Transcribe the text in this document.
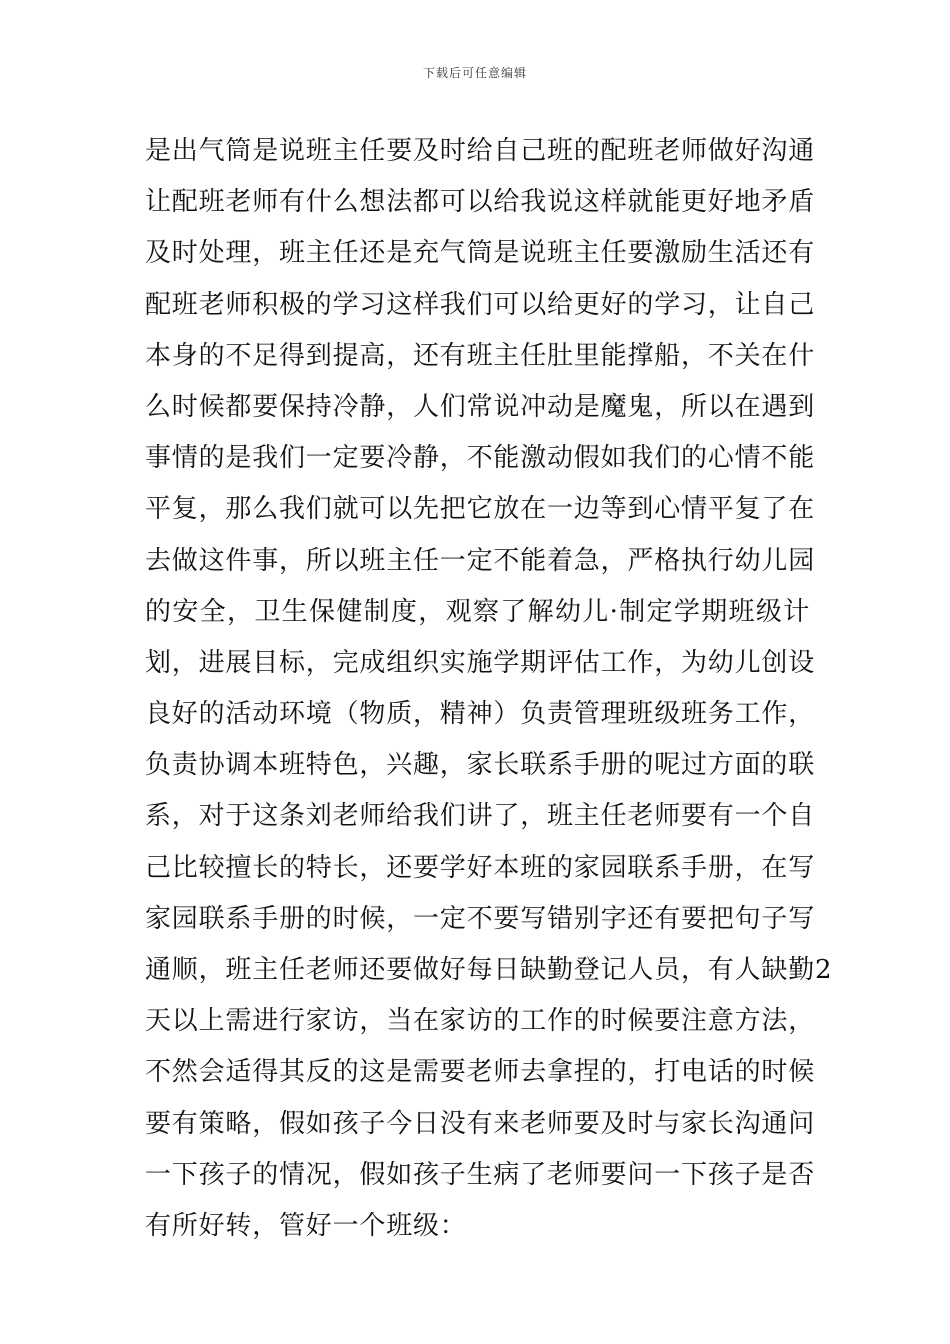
下载后可任意编辑
是出气筒是说班主任要及时给自己班的配班老师做好沟通
让配班老师有什么想法都可以给我说这样就能更好地矛盾
及时处理，班主任还是充气筒是说班主任要激励生活还有
配班老师积极的学习这样我们可以给更好的学习，让自己
本身的不足得到提高，还有班主任肚里能撑船，不关在什
么时候都要保持冷静，人们常说冲动是魔鬼，所以在遇到
事情的是我们一定要冷静，不能激动假如我们的心情不能
平复，那么我们就可以先把它放在一边等到心情平复了在
去做这件事，所以班主任一定不能着急，严格执行幼儿园
的安全，卫生保健制度，观察了解幼儿·制定学期班级计
划，进展目标，完成组织实施学期评估工作，为幼儿创设
良好的活动环境（物质，精神）负责管理班级班务工作，
负责协调本班特色，兴趣，家长联系手册的呢过方面的联
系，对于这条刘老师给我们讲了，班主任老师要有一个自
己比较擅长的特长，还要学好本班的家园联系手册，在写
家园联系手册的时候，一定不要写错别字还有要把句子写
通顺，班主任老师还要做好每日缺勤登记人员，有人缺勤2
天以上需进行家访，当在家访的工作的时候要注意方法，
不然会适得其反的这是需要老师去拿捏的，打电话的时候
要有策略，假如孩子今日没有来老师要及时与家长沟通问
一下孩子的情况，假如孩子生病了老师要问一下孩子是否
有所好转，管好一个班级：
